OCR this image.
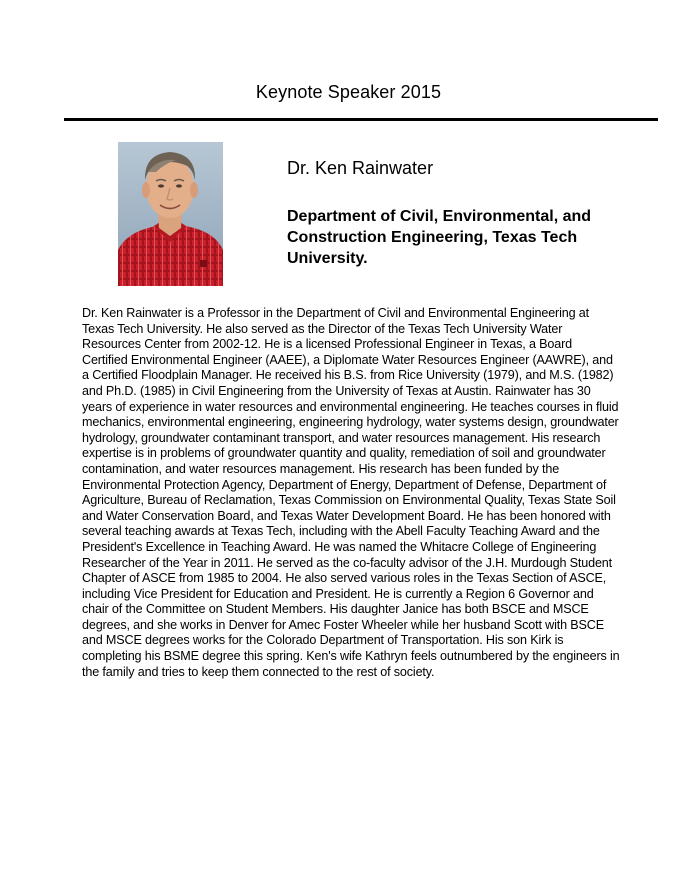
Keynote Speaker 2015
Dr. Ken Rainwater
Department of Civil, Environmental, and Construction Engineering, Texas Tech University.

Dr. Ken Rainwater is a Professor in the Department of Civil and Environmental Engineering at Texas Tech University. He also served as the Director of the Texas Tech University Water Resources Center from 2002-12. He is a licensed Professional Engineer in Texas, a Board Certified Environmental Engineer (AAEE), a Diplomate Water Resources Engineer (AAWRE), and a Certified Floodplain Manager. He received his B.S. from Rice University (1979), and M.S. (1982) and Ph.D. (1985) in Civil Engineering from the University of Texas at Austin. Rainwater has 30 years of experience in water resources and environmental engineering. He teaches courses in fluid mechanics, environmental engineering, engineering hydrology, water systems design, groundwater hydrology, groundwater contaminant transport, and water resources management. His research expertise is in problems of groundwater quantity and quality, remediation of soil and groundwater contamination, and water resources management. His research has been funded by the Environmental Protection Agency, Department of Energy, Department of Defense, Department of Agriculture, Bureau of Reclamation, Texas Commission on Environmental Quality, Texas State Soil and Water Conservation Board, and Texas Water Development Board. He has been honored with several teaching awards at Texas Tech, including with the Abell Faculty Teaching Award and the President's Excellence in Teaching Award. He was named the Whitacre College of Engineering Researcher of the Year in 2011. He served as the co-faculty advisor of the J.H. Murdough Student Chapter of ASCE from 1985 to 2004. He also served various roles in the Texas Section of ASCE, including Vice President for Education and President. He is currently a Region 6 Governor and chair of the Committee on Student Members. His daughter Janice has both BSCE and MSCE degrees, and she works in Denver for Amec Foster Wheeler while her husband Scott with BSCE and MSCE degrees works for the Colorado Department of Transportation. His son Kirk is completing his BSME degree this spring. Ken's wife Kathryn feels outnumbered by the engineers in the family and tries to keep them connected to the rest of society.
